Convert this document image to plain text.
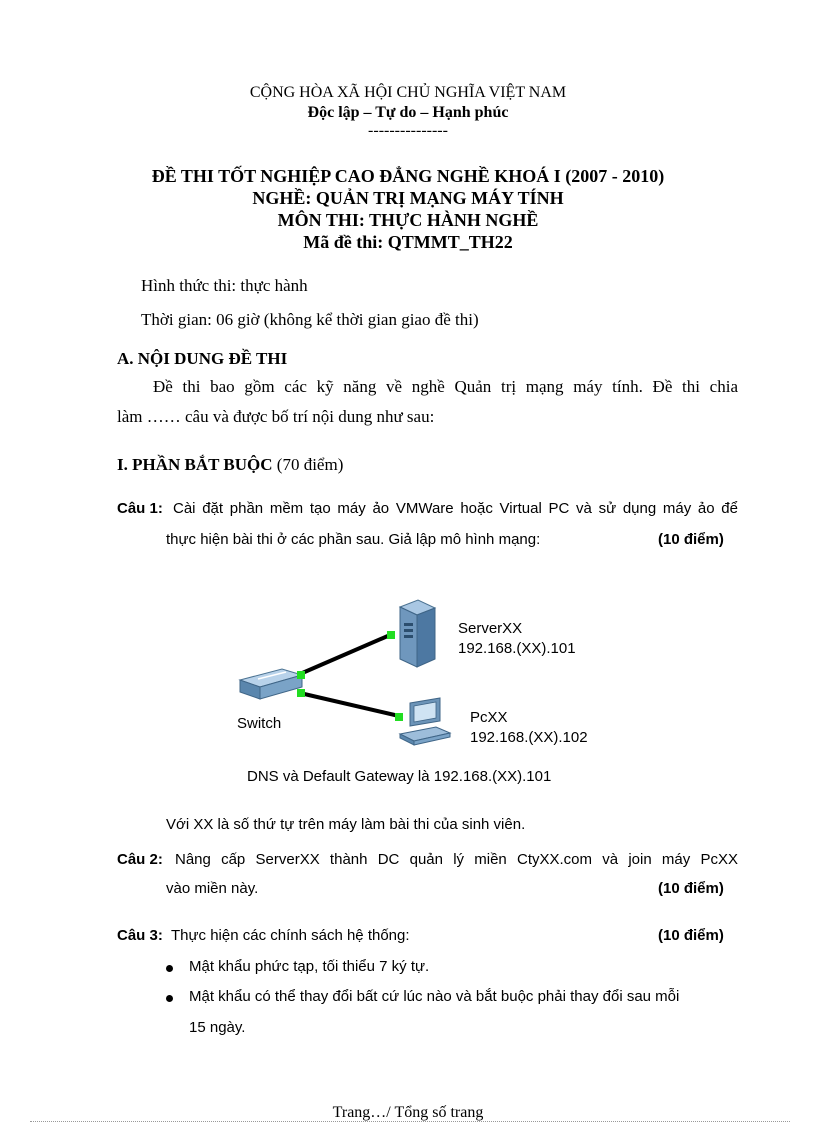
CỘNG HÒA XÃ HỘI CHỦ NGHĨA VIỆT NAM
Độc lập – Tự do – Hạnh phúc
---------------
ĐỀ THI TỐT NGHIỆP CAO ĐẲNG NGHỀ KHOÁ I (2007 - 2010)
NGHỀ: QUẢN TRỊ MẠNG MÁY TÍNH
MÔN THI: THỰC HÀNH NGHỀ
Mã đề thi: QTMMT_TH22
Hình thức thi: thực hành
Thời gian: 06 giờ (không kể thời gian giao đề thi)
A. NỘI DUNG ĐỀ THI
Đề thi bao gồm các kỹ năng về nghề Quản trị mạng máy tính. Đề thi chia
làm …… câu và được bố trí nội dung như sau:
I. PHẦN BẮT BUỘC (70 điểm)
Câu 1: Cài đặt phần mềm tạo máy ảo VMWare hoặc Virtual PC và sử dụng máy ảo để
thực hiện bài thi ở các phần sau. Giả lập mô hình mạng:	(10 điểm)
ServerXX
192.168.(XX).101
Switch	PcXX
192.168.(XX).102
DNS và Default Gateway là 192.168.(XX).101
Với XX là số thứ tự trên máy làm bài thi của sinh viên.
Câu 2: Nâng cấp ServerXX thành DC quản lý miền CtyXX.com và join máy PcXX
vào miền này.	(10 điểm)
Câu 3: Thực hiện các chính sách hệ thống:	(10 điểm)
Mật khẩu phức tạp, tối thiểu 7 ký tự.
Mật khẩu có thể thay đổi bất cứ lúc nào và bắt buộc phải thay đổi sau mỗi
15 ngày.
Trang…/ Tổng số trang
